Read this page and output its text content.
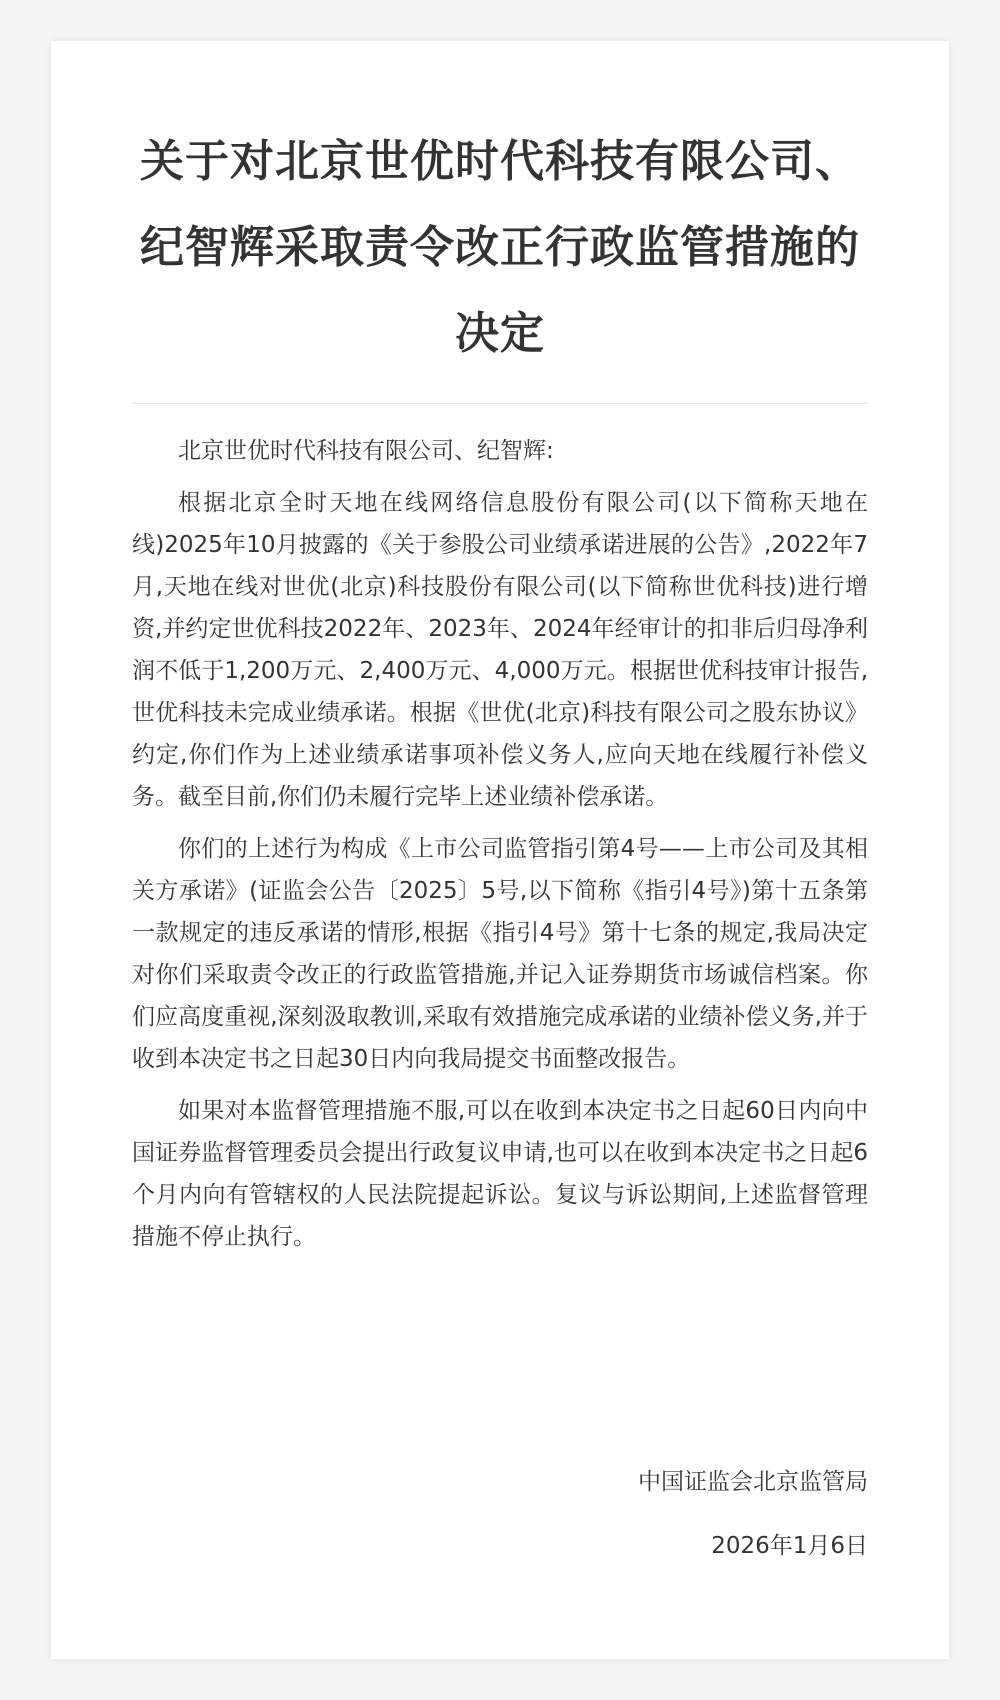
关于对北京世优时代科技有限公司、纪智辉采取责令改正行政监管措施的决定

北京世优时代科技有限公司、纪智辉:

根据北京全时天地在线网络信息股份有限公司(以下简称天地在线)2025年10月披露的《关于参股公司业绩承诺进展的公告》,2022年7月,天地在线对世优(北京)科技股份有限公司(以下简称世优科技)进行增资,并约定世优科技2022年、2023年、2024年经审计的扣非后归母净利润不低于1,200万元、2,400万元、4,000万元。根据世优科技审计报告,世优科技未完成业绩承诺。根据《世优(北京)科技有限公司之股东协议》约定,你们作为上述业绩承诺事项补偿义务人,应向天地在线履行补偿义务。截至目前,你们仍未履行完毕上述业绩补偿承诺。

你们的上述行为构成《上市公司监管指引第4号——上市公司及其相关方承诺》(证监会公告〔2025〕5号,以下简称《指引4号》)第十五条第一款规定的违反承诺的情形,根据《指引4号》第十七条的规定,我局决定对你们采取责令改正的行政监管措施,并记入证券期货市场诚信档案。你们应高度重视,深刻汲取教训,采取有效措施完成承诺的业绩补偿义务,并于收到本决定书之日起30日内向我局提交书面整改报告。

如果对本监督管理措施不服,可以在收到本决定书之日起60日内向中国证券监督管理委员会提出行政复议申请,也可以在收到本决定书之日起6个月内向有管辖权的人民法院提起诉讼。复议与诉讼期间,上述监督管理措施不停止执行。

中国证监会北京监管局

2026年1月6日
